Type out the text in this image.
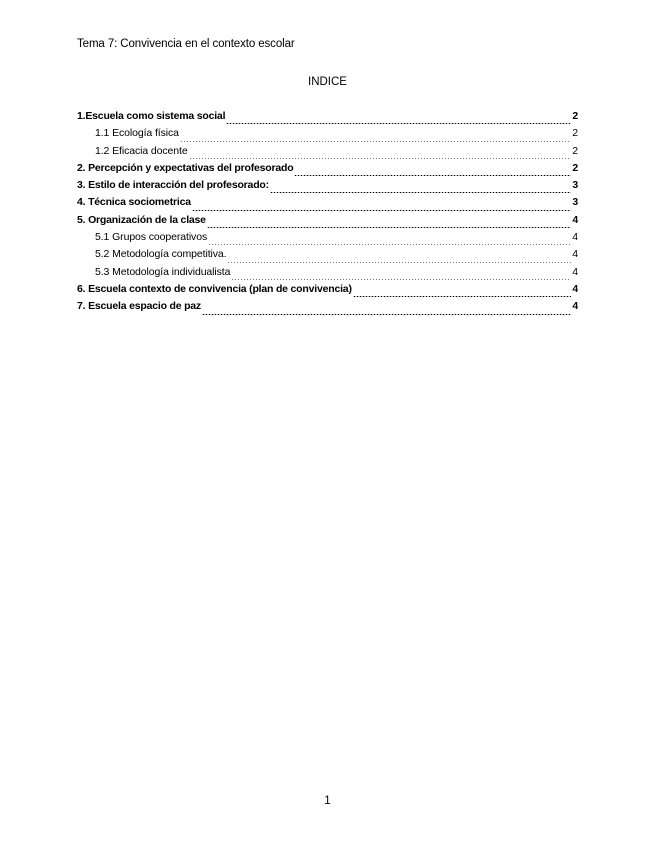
Tema 7: Convivencia en el contexto escolar
INDICE
1.Escuela como sistema social	2
1.1 Ecología física	2
1.2 Eficacia docente	2
2. Percepción y expectativas del profesorado	2
3. Estilo de interacción del profesorado:	3
4. Técnica sociometrica	3
5. Organización de la clase	4
5.1 Grupos cooperativos	4
5.2 Metodología competitiva.	4
5.3 Metodología individualista	4
6. Escuela contexto de convivencia (plan de convivencia)	4
7. Escuela espacio de paz	4
1
